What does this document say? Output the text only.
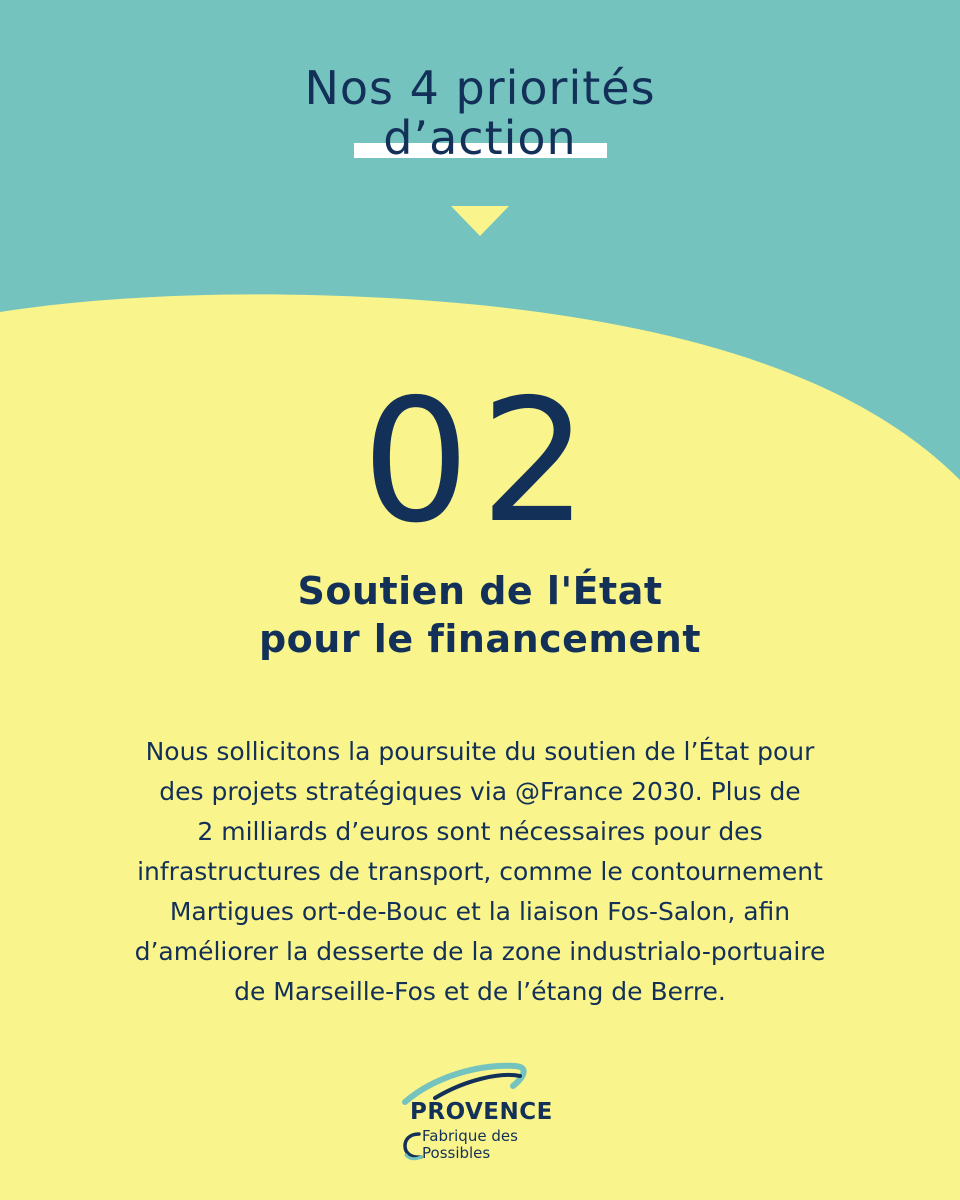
Nos 4 priorités
d’action
02
Soutien de l'État
pour le financement
Nous sollicitons la poursuite du soutien de l’État pour
des projets stratégiques via @France 2030. Plus de
2 milliards d’euros sont nécessaires pour des
infrastructures de transport, comme le contournement
Martigues ort-de-Bouc et la liaison Fos-Salon, afin
d’améliorer la desserte de la zone industrialo-portuaire
de Marseille-Fos et de l’étang de Berre.
PROVENCE
Fabrique des
Possibles
